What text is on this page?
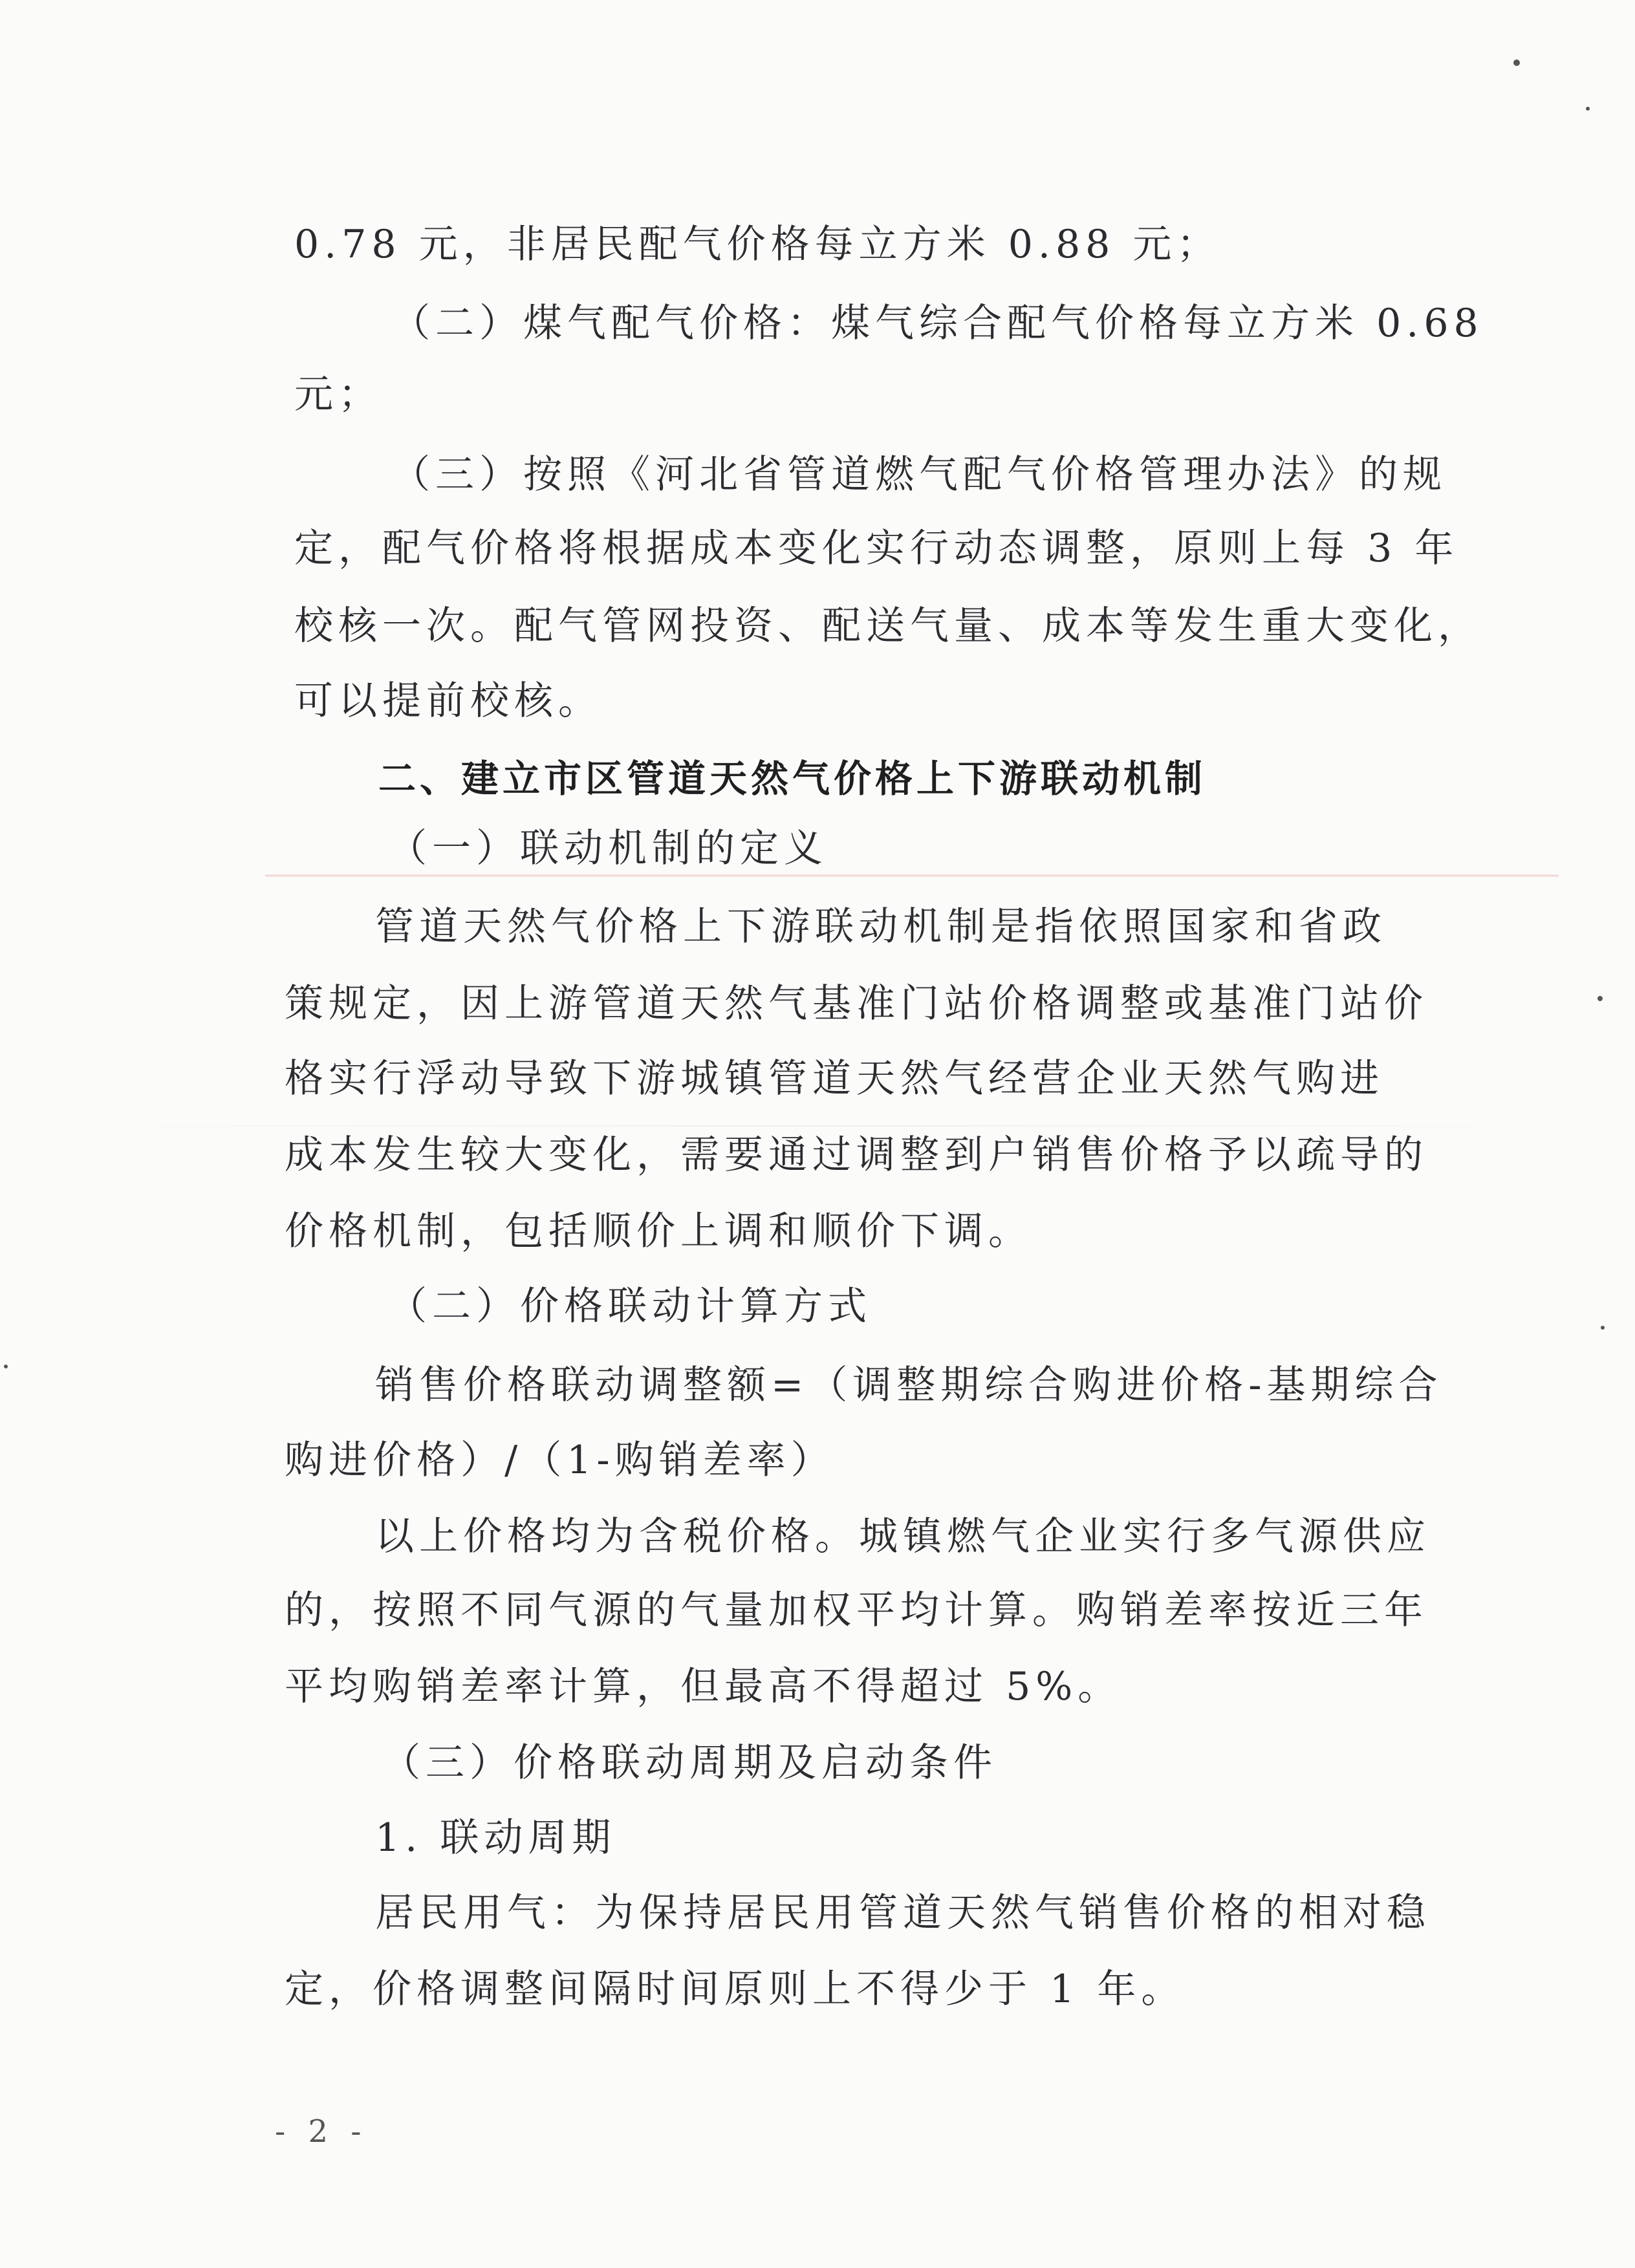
0.78 元，非居民配气价格每立方米 0.88 元；
（二）煤气配气价格：煤气综合配气价格每立方米 0.68
元；
（三）按照《河北省管道燃气配气价格管理办法》的规
定，配气价格将根据成本变化实行动态调整，原则上每 3 年
校核一次。配气管网投资、配送气量、成本等发生重大变化，
可以提前校核。
二、建立市区管道天然气价格上下游联动机制
（一）联动机制的定义
管道天然气价格上下游联动机制是指依照国家和省政
策规定，因上游管道天然气基准门站价格调整或基准门站价
格实行浮动导致下游城镇管道天然气经营企业天然气购进
成本发生较大变化，需要通过调整到户销售价格予以疏导的
价格机制，包括顺价上调和顺价下调。
（二）价格联动计算方式
销售价格联动调整额=（调整期综合购进价格-基期综合
购进价格）/（1-购销差率）
以上价格均为含税价格。城镇燃气企业实行多气源供应
的，按照不同气源的气量加权平均计算。购销差率按近三年
平均购销差率计算，但最高不得超过 5%。
（三）价格联动周期及启动条件
1. 联动周期
居民用气：为保持居民用管道天然气销售价格的相对稳
定，价格调整间隔时间原则上不得少于 1 年。
- 2 -
